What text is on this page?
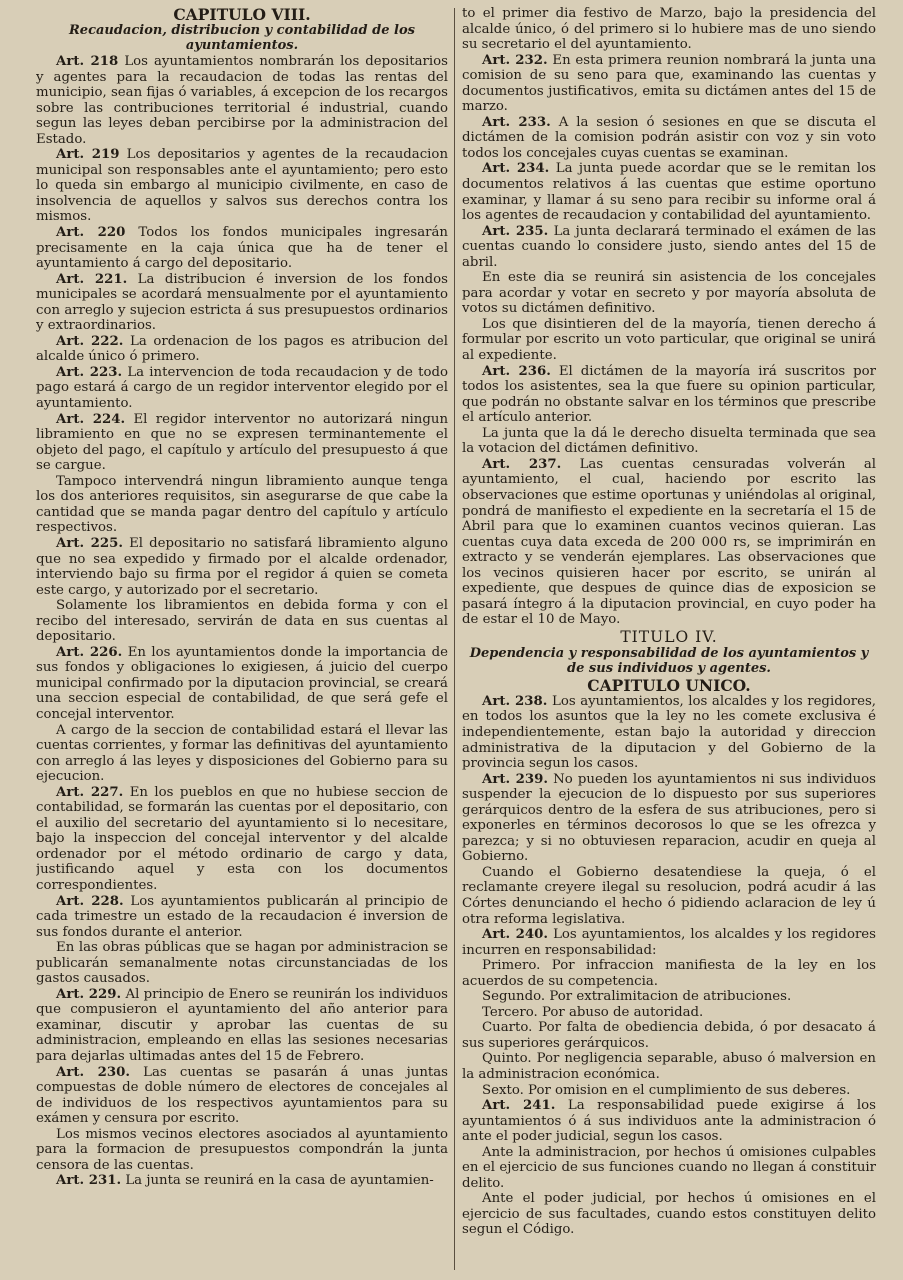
CAPITULO VIII.

Recaudacion, distribucion y contabilidad de los ayuntamientos.

Art. 218 Los ayuntamientos nombrarán los depositarios y agentes para la recaudacion de todas las rentas del municipio, sean fijas ó variables, á excepcion de los recargos sobre las contribuciones territorial é industrial, cuando segun las leyes deban percibirse por la administracion del Estado.

Art. 219 Los depositarios y agentes de la recaudacion municipal son responsables ante el ayuntamiento; pero esto lo queda sin embargo al municipio civilmente, en caso de insolvencia de aquellos y salvos sus derechos contra los mismos.

Art. 220 Todos los fondos municipales ingresarán precisamente en la caja única que ha de tener el ayuntamiento á cargo del depositario.

Art. 221. La distribucion é inversion de los fondos municipales se acordará mensualmente por el ayuntamiento con arreglo y sujecion estricta á sus presupuestos ordinarios y extraordinarios.

Art. 222. La ordenacion de los pagos es atribucion del alcalde único ó primero.

Art. 223. La intervencion de toda recaudacion y de todo pago estará á cargo de un regidor interventor elegido por el ayuntamiento.

Art. 224. El regidor interventor no autorizará ningun libramiento en que no se expresen terminantemente el objeto del pago, el capítulo y artículo del presupuesto á que se cargue.

Tampoco intervendrá ningun libramiento aunque tenga los dos anteriores requisitos, sin asegurarse de que cabe la cantidad que se manda pagar dentro del capítulo y artículo respectivos.

Art. 225. El depositario no satisfará libramiento alguno que no sea expedido y firmado por el alcalde ordenador, interviendo bajo su firma por el regidor á quien se cometa este cargo, y autorizado por el secretario.

Solamente los libramientos en debida forma y con el recibo del interesado, servirán de data en sus cuentas al depositario.

Art. 226. En los ayuntamientos donde la importancia de sus fondos y obligaciones lo exigiesen, á juicio del cuerpo municipal confirmado por la diputacion provincial, se creará una seccion especial de contabilidad, de que será gefe el concejal interventor.

A cargo de la seccion de contabilidad estará el llevar las cuentas corrientes, y formar las definitivas del ayuntamiento con arreglo á las leyes y disposiciones del Gobierno para su ejecucion.

Art. 227. En los pueblos en que no hubiese seccion de contabilidad, se formarán las cuentas por el depositario, con el auxilio del secretario del ayuntamiento si lo necesitare, bajo la inspeccion del concejal interventor y del alcalde ordenador por el método ordinario de cargo y data, justificando aquel y esta con los documentos correspondientes.

Art. 228. Los ayuntamientos publicarán al principio de cada trimestre un estado de la recaudacion é inversion de sus fondos durante el anterior.

En las obras públicas que se hagan por administracion se publicarán semanalmente notas circunstanciadas de los gastos causados.

Art. 229. Al principio de Enero se reunirán los individuos que compusieron el ayuntamiento del año anterior para examinar, discutir y aprobar las cuentas de su administracion, empleando en ellas las sesiones necesarias para dejarlas ultimadas antes del 15 de Febrero.

Art. 230. Las cuentas se pasarán á unas juntas compuestas de doble número de electores de concejales al de individuos de los respectivos ayuntamientos para su exámen y censura por escrito.

Los mismos vecinos electores asociados al ayuntamiento para la formacion de presupuestos compondrán la junta censora de las cuentas.

Art. 231. La junta se reunirá en la casa de ayuntamien-

to el primer dia festivo de Marzo, bajo la presidencia del alcalde único, ó del primero si lo hubiere mas de uno siendo su secretario el del ayuntamiento.

Art. 232. En esta primera reunion nombrará la junta una comision de su seno para que, examinando las cuentas y documentos justificativos, emita su dictámen antes del 15 de marzo.

Art. 233. A la sesion ó sesiones en que se discuta el dictámen de la comision podrán asistir con voz y sin voto todos los concejales cuyas cuentas se examinan.

Art. 234. La junta puede acordar que se le remitan los documentos relativos á las cuentas que estime oportuno examinar, y llamar á su seno para recibir su informe oral á los agentes de recaudacion y contabilidad del ayuntamiento.

Art. 235. La junta declarará terminado el exámen de las cuentas cuando lo considere justo, siendo antes del 15 de abril.

En este dia se reunirá sin asistencia de los concejales para acordar y votar en secreto y por mayoría absoluta de votos su dictámen definitivo.

Los que disintieren del de la mayoría, tienen derecho á formular por escrito un voto particular, que original se unirá al expediente.

Art. 236. El dictámen de la mayoría irá suscritos por todos los asistentes, sea la que fuere su opinion particular, que podrán no obstante salvar en los términos que prescribe el artículo anterior.

La junta que la dá le derecho disuelta terminada que sea la votacion del dictámen definitivo.

Art. 237. Las cuentas censuradas volverán al ayuntamiento, el cual, haciendo por escrito las observaciones que estime oportunas y uniéndolas al original, pondrá de manifiesto el expediente en la secretaría el 15 de Abril para que lo examinen cuantos vecinos quieran. Las cuentas cuya data exceda de 200 000 rs, se imprimirán en extracto y se venderán ejemplares. Las observaciones que los vecinos quisieren hacer por escrito, se unirán al expediente, que despues de quince dias de exposicion se pasará íntegro á la diputacion provincial, en cuyo poder ha de estar el 10 de Mayo.

TITULO IV.

Dependencia y responsabilidad de los ayuntamientos y de sus individuos y agentes.

CAPITULO UNICO.

Art. 238. Los ayuntamientos, los alcaldes y los regidores, en todos los asuntos que la ley no les comete exclusiva é independientemente, estan bajo la autoridad y direccion administrativa de la diputacion y del Gobierno de la provincia segun los casos.

Art. 239. No pueden los ayuntamientos ni sus individuos suspender la ejecucion de lo dispuesto por sus superiores gerárquicos dentro de la esfera de sus atribuciones, pero si exponerles en términos decorosos lo que se les ofrezca y parezca; y si no obtuviesen reparacion, acudir en queja al Gobierno.

Cuando el Gobierno desatendiese la queja, ó el reclamante creyere ilegal su resolucion, podrá acudir á las Córtes denunciando el hecho ó pidiendo aclaracion de ley ú otra reforma legislativa.

Art. 240. Los ayuntamientos, los alcaldes y los regidores incurren en responsabilidad:

Primero. Por infraccion manifiesta de la ley en los acuerdos de su competencia.

Segundo. Por extralimitacion de atribuciones.

Tercero. Por abuso de autoridad.

Cuarto. Por falta de obediencia debida, ó por desacato á sus superiores gerárquicos.

Quinto. Por negligencia separable, abuso ó malversion en la administracion económica.

Sexto. Por omision en el cumplimiento de sus deberes.

Art. 241. La responsabilidad puede exigirse á los ayuntamientos ó á sus individuos ante la administracion ó ante el poder judicial, segun los casos.

Ante la administracion, por hechos ú omisiones culpables en el ejercicio de sus funciones cuando no llegan á constituir delito.

Ante el poder judicial, por hechos ú omisiones en el ejercicio de sus facultades, cuando estos constituyen delito segun el Código.
